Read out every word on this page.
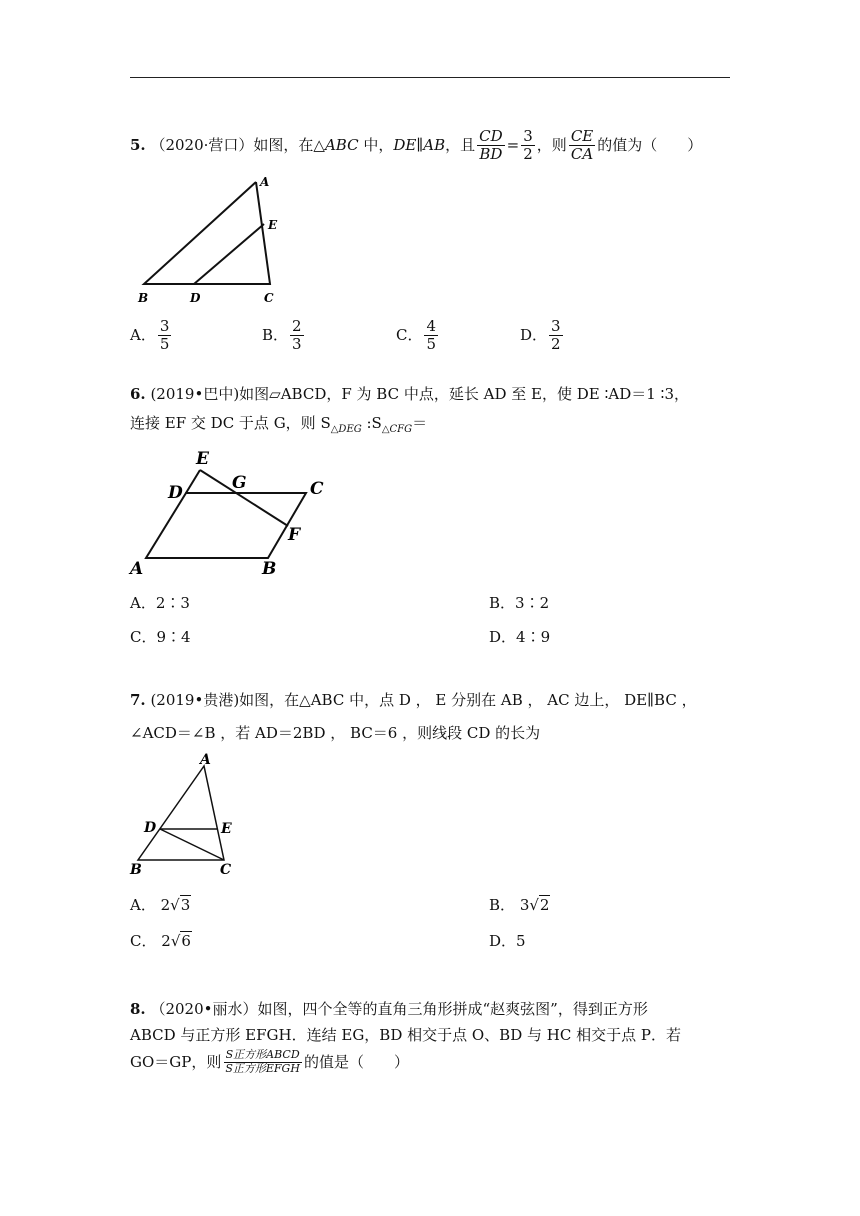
5. （2020·营口）如图，在△ABC 中，DE∥AB，且 $\frac{CD}{BD} = \frac{3}{2}$ ，则 $\frac{CE}{CA}$ 的值为（　　）
A
E
B	D	C
A． $\frac{3}{5}$	B． $\frac{2}{3}$	C． $\frac{4}{5}$	D． $\frac{3}{2}$
6. (2019•巴中)如图▱ABCD，F 为 BC 中点，延长 AD 至 E，使 DE ∶AD＝1 ∶3，
连接 EF 交 DC 于点 G，则 $S_{\triangle DEG}$ $:S_{\triangle CFG}=$
E
D	G	C
F
A	B
A．2∶3	B．3∶2
C．9∶4	D．4∶9
7. (2019•贵港)如图，在△ABC 中，点 D ， E 分别在 AB ， AC 边上， DE∥BC ，
∠ACD＝∠B ，若 AD＝2BD ， BC＝6 ，则线段 CD 的长为
A
D	E
B	C
A． 2√3	B． 3√2
C． 2√6	D．5
8. （2020•丽水）如图，四个全等的直角三角形拼成“赵爽弦图”，得到正方形
ABCD 与正方形 EFGH．连结 EG，BD 相交于点 O、BD 与 HC 相交于点 P．若
GO＝GP，则 $\frac{\text{S正方形ABCD}}{\text{S正方形EFGH}}$ 的值是（　　）
